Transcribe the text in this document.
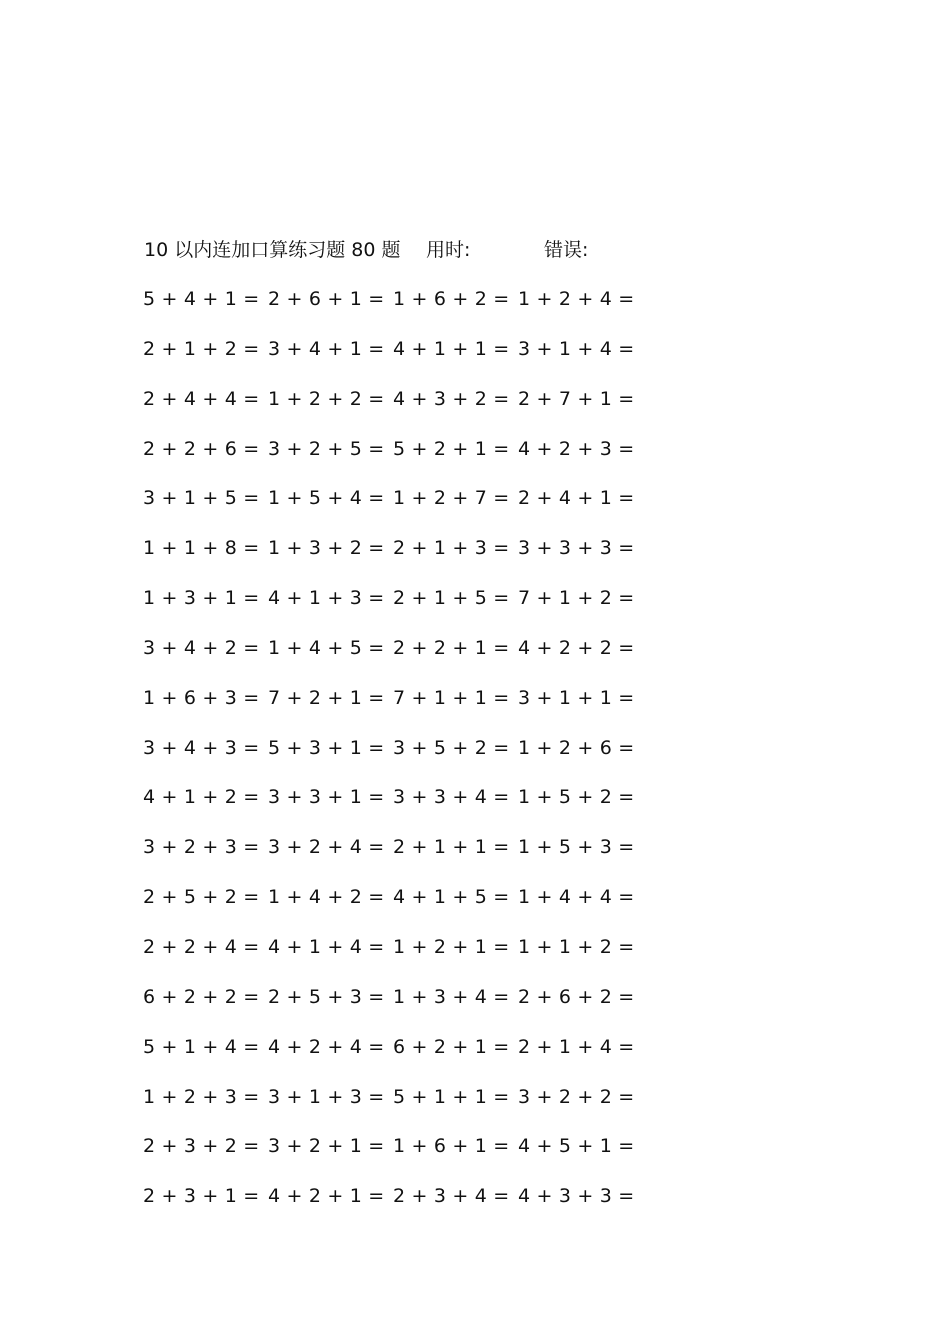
10 以内连加口算练习题 80 题 用时:	错误:
5 + 4 + 1 = 2 + 6 + 1 = 1 + 6 + 2 = 1 + 2 + 4 =
2 + 1 + 2 = 3 + 4 + 1 = 4 + 1 + 1 = 3 + 1 + 4 =
2 + 4 + 4 = 1 + 2 + 2 = 4 + 3 + 2 = 2 + 7 + 1 =
2 + 2 + 6 = 3 + 2 + 5 = 5 + 2 + 1 = 4 + 2 + 3 =
3 + 1 + 5 = 1 + 5 + 4 = 1 + 2 + 7 = 2 + 4 + 1 =
1 + 1 + 8 = 1 + 3 + 2 = 2 + 1 + 3 = 3 + 3 + 3 =
1 + 3 + 1 = 4 + 1 + 3 = 2 + 1 + 5 = 7 + 1 + 2 =
3 + 4 + 2 = 1 + 4 + 5 = 2 + 2 + 1 = 4 + 2 + 2 =
1 + 6 + 3 = 7 + 2 + 1 = 7 + 1 + 1 = 3 + 1 + 1 =
3 + 4 + 3 = 5 + 3 + 1 = 3 + 5 + 2 = 1 + 2 + 6 =
4 + 1 + 2 = 3 + 3 + 1 = 3 + 3 + 4 = 1 + 5 + 2 =
3 + 2 + 3 = 3 + 2 + 4 = 2 + 1 + 1 = 1 + 5 + 3 =
2 + 5 + 2 = 1 + 4 + 2 = 4 + 1 + 5 = 1 + 4 + 4 =
2 + 2 + 4 = 4 + 1 + 4 = 1 + 2 + 1 = 1 + 1 + 2 =
6 + 2 + 2 = 2 + 5 + 3 = 1 + 3 + 4 = 2 + 6 + 2 =
5 + 1 + 4 = 4 + 2 + 4 = 6 + 2 + 1 = 2 + 1 + 4 =
1 + 2 + 3 = 3 + 1 + 3 = 5 + 1 + 1 = 3 + 2 + 2 =
2 + 3 + 2 = 3 + 2 + 1 = 1 + 6 + 1 = 4 + 5 + 1 =
2 + 3 + 1 = 4 + 2 + 1 = 2 + 3 + 4 = 4 + 3 + 3 =
